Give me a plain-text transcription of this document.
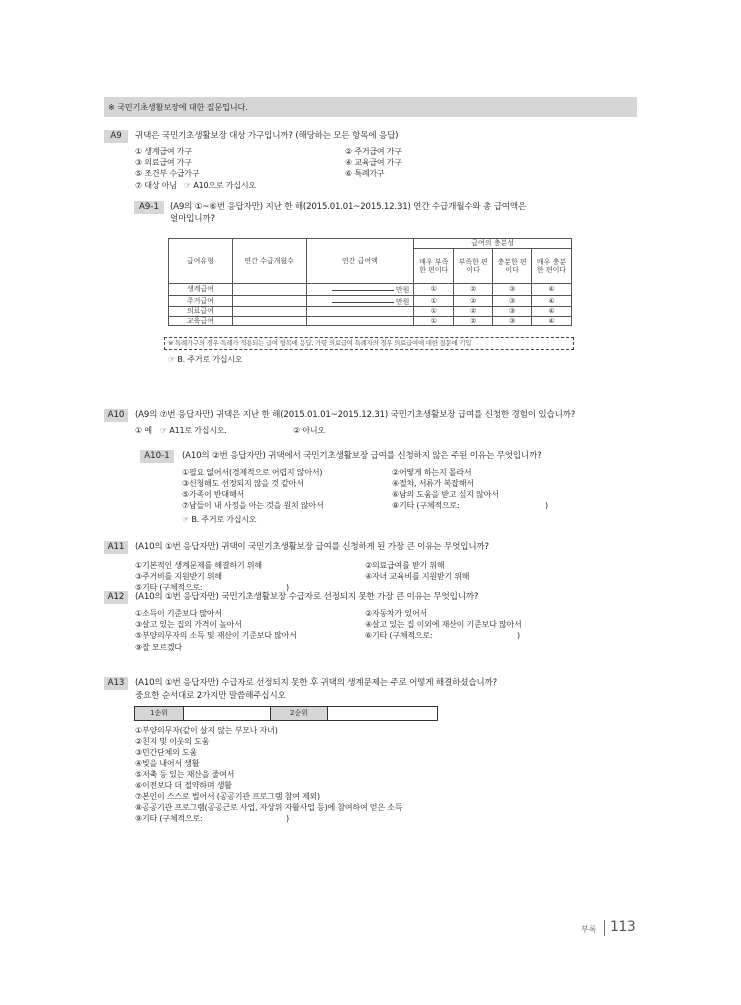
※ 국민기초생활보장에 대한 질문입니다.
A9	귀댁은 국민기초생활보장 대상 가구입니까? (해당하는 모든 항목에 응답)
① 생계급여 가구	② 주거급여 가구
③ 의료급여 가구	④ 교육급여 가구
⑤ 조건부 수급가구	⑥ 특례가구
⑦ 대상 아님 ☞ A10으로 가십시오
A9-1	(A9의 ①~⑥번 응답자만) 지난 한 해(2015.01.01~2015.12.31) 연간 수급개월수와 총 급여액은
얼마입니까?
급여유형	연간 수급개월수	연간 급여액	급여의 충분성			
			매우 부족한 편이다	부족한 편이다	충분한 편이다	매우 충분한 편이다
생계급여		만원	①	②	③	④
주거급여		만원	①	②	③	④
의료급여			①	②	③	④
교육급여			①	②	③	④
※ 특례가구의 경우 특례가 적용되는 급여 항목에 응답, 가령 의료급여 특례자의 경우 의료급여에 대한 질문에 기입
☞ B. 주거로 가십시오
A10	(A9의 ⑦번 응답자만) 귀댁은 지난 한 해(2015.01.01~2015.12.31) 국민기초생활보장 급여를 신청한 경험이 있습니까?
① 예 ☞ A11로 가십시오.	② 아니오
A10-1	(A10의 ②번 응답자만) 귀댁에서 국민기초생활보장 급여를 신청하지 않은 주된 이유는 무엇입니까?
①필요 없어서(경제적으로 어렵지 않아서)	②어떻게 하는지 몰라서
③신청해도 선정되지 않을 것 같아서	④절차, 서류가 복잡해서
⑤가족이 반대해서	⑥남의 도움을 받고 싶지 않아서
⑦남들이 내 사정을 아는 것을 원치 않아서	⑧기타 (구체적으로:	)
☞ B. 주거로 가십시오
A11	(A10의 ①번 응답자만) 귀댁이 국민기초생활보장 급여를 신청하게 된 가장 큰 이유는 무엇입니까?
①기본적인 생계문제를 해결하기 위해	②의료급여를 받기 위해
③주거비를 지원받기 위해	④자녀 교육비를 지원받기 위해
⑤기타 (구체적으로:	)
A12	(A10의 ①번 응답자만) 국민기초생활보장 수급자로 선정되지 못한 가장 큰 이유는 무엇입니까?
①소득이 기준보다 많아서	②자동차가 있어서
③살고 있는 집의 가격이 높아서	④살고 있는 집 이외에 재산이 기준보다 많아서
⑤부양의무자의 소득 및 재산이 기준보다 많아서	⑥기타 (구체적으로:	)
⑨잘 모르겠다
A13	(A10의 ①번 응답자만) 수급자로 선정되지 못한 후 귀댁의 생계문제는 주로 어떻게 해결하셨습니까?
중요한 순서대로 2가지만 말씀해주십시오
1순위	2순위
①부양의무자(같이 살지 않는 부모나 자녀)
②친지 및 이웃의 도움
③민간단체의 도움
④빚을 내어서 생활
⑤저축 등 있는 재산을 줄여서
⑥이전보다 더 절약하며 생활
⑦본인이 스스로 벌어서 (공공기관 프로그램 참여 제외)
⑧공공기관 프로그램(공공근로 사업, 자상위 자활사업 등)에 참여하여 얻은 소득
⑨기타 (구체적으로:	)
부록 113
